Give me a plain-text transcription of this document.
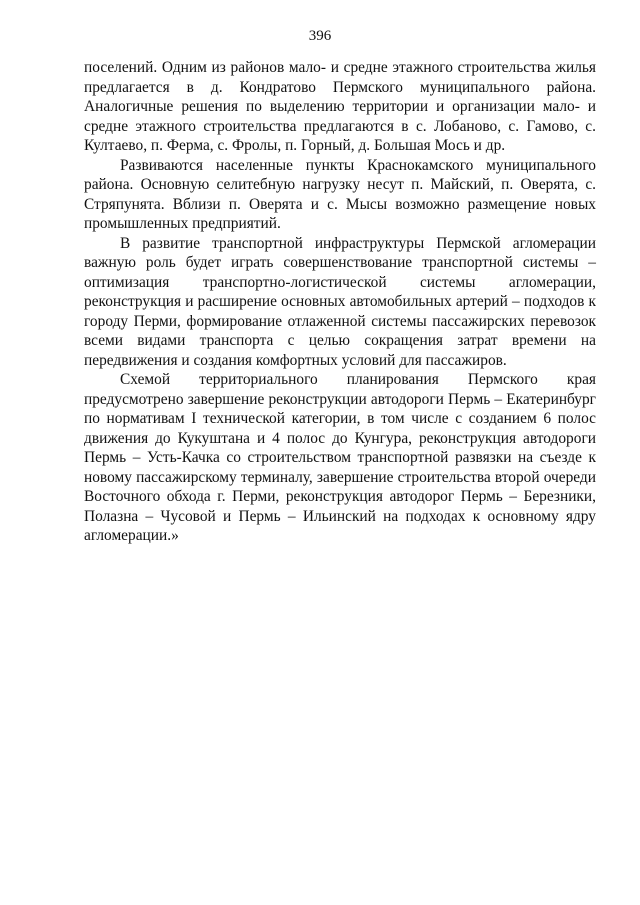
396

поселений. Одним из районов мало- и средне этажного строительства жилья предлагается в д. Кондратово Пермского муниципального района. Аналогичные решения по выделению территории и организации мало- и средне этажного строительства предлагаются в с. Лобаново, с. Гамово, с. Култаево, п. Ферма, с. Фролы, п. Горный, д. Большая Мось и др.

Развиваются населенные пункты Краснокамского муниципального района. Основную селитебную нагрузку несут п. Майский, п. Оверята, с. Стряпунята. Вблизи п. Оверята и с. Мысы возможно размещение новых промышленных предприятий.

В развитие транспортной инфраструктуры Пермской агломерации важную роль будет играть совершенствование транспортной системы – оптимизация транспортно-логистической системы агломерации, реконструкция и расширение основных автомобильных артерий – подходов к городу Перми, формирование отлаженной системы пассажирских перевозок всеми видами транспорта с целью сокращения затрат времени на передвижения и создания комфортных условий для пассажиров.

Схемой территориального планирования Пермского края предусмотрено завершение реконструкции автодороги Пермь – Екатеринбург по нормативам I технической категории, в том числе с созданием 6 полос движения до Кукуштана и 4 полос до Кунгура, реконструкция автодороги Пермь – Усть-Качка со строительством транспортной развязки на съезде к новому пассажирскому терминалу, завершение строительства второй очереди Восточного обхода г. Перми, реконструкция автодорог Пермь – Березники, Полазна – Чусовой и Пермь – Ильинский на подходах к основному ядру агломерации.»
